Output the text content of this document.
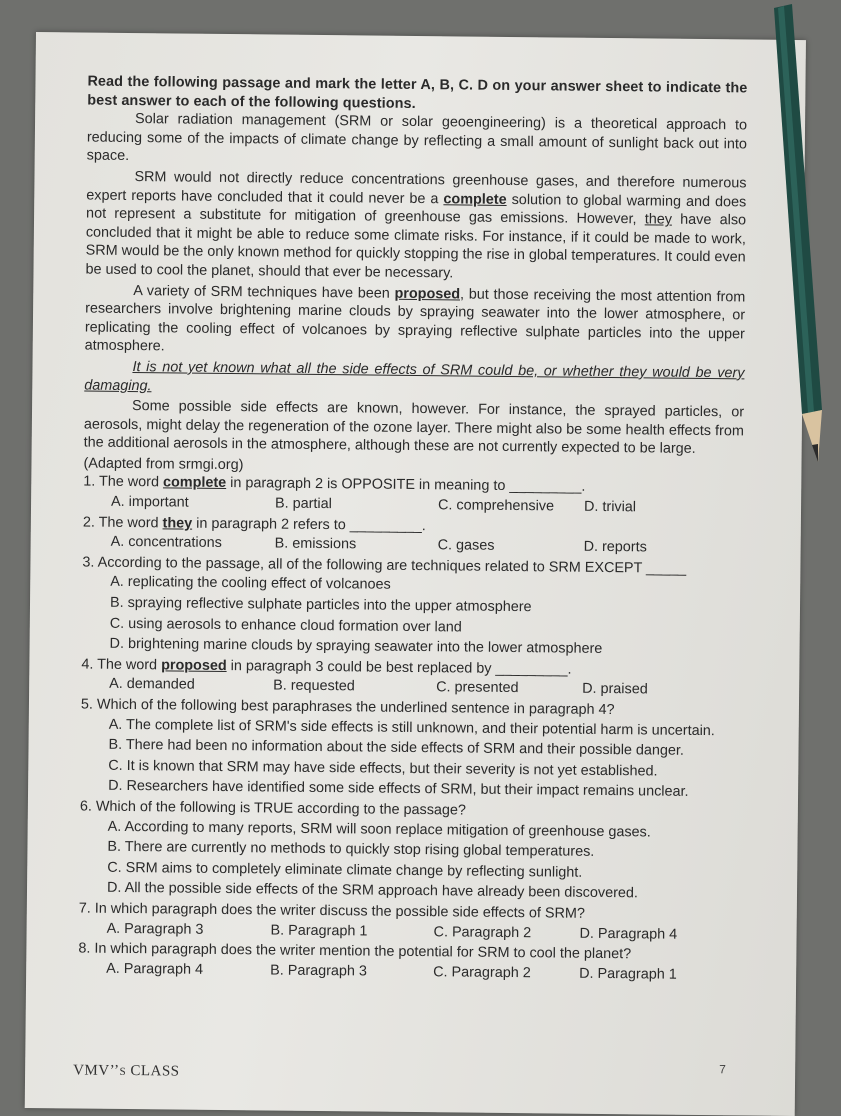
Read the following passage and mark the letter A, B, C. D on your answer sheet to indicate the best answer to each of the following questions.

Solar radiation management (SRM or solar geoengineering) is a theoretical approach to reducing some of the impacts of climate change by reflecting a small amount of sunlight back out into space.

SRM would not directly reduce concentrations greenhouse gases, and therefore numerous expert reports have concluded that it could never be a complete solution to global warming and does not represent a substitute for mitigation of greenhouse gas emissions. However, they have also concluded that it might be able to reduce some climate risks. For instance, if it could be made to work, SRM would be the only known method for quickly stopping the rise in global temperatures. It could even be used to cool the planet, should that ever be necessary.

A variety of SRM techniques have been proposed, but those receiving the most attention from researchers involve brightening marine clouds by spraying seawater into the lower atmosphere, or replicating the cooling effect of volcanoes by spraying reflective sulphate particles into the upper atmosphere.

It is not yet known what all the side effects of SRM could be, or whether they would be very damaging.

Some possible side effects are known, however. For instance, the sprayed particles, or aerosols, might delay the regeneration of the ozone layer. There might also be some health effects from the additional aerosols in the atmosphere, although these are not currently expected to be large.

(Adapted from srmgi.org)

1. The word complete in paragraph 2 is OPPOSITE in meaning to _________.

A. important	B. partial	C. comprehensive	D. trivial

2. The word they in paragraph 2 refers to _________.

A. concentrations	B. emissions	C. gases	D. reports

3. According to the passage, all of the following are techniques related to SRM EXCEPT _____

A. replicating the cooling effect of volcanoes
B. spraying reflective sulphate particles into the upper atmosphere
C. using aerosols to enhance cloud formation over land
D. brightening marine clouds by spraying seawater into the lower atmosphere

4. The word proposed in paragraph 3 could be best replaced by _________.

A. demanded	B. requested	C. presented	D. praised

5. Which of the following best paraphrases the underlined sentence in paragraph 4?

A. The complete list of SRM's side effects is still unknown, and their potential harm is uncertain.
B. There had been no information about the side effects of SRM and their possible danger.
C. It is known that SRM may have side effects, but their severity is not yet established.
D. Researchers have identified some side effects of SRM, but their impact remains unclear.

6. Which of the following is TRUE according to the passage?

A. According to many reports, SRM will soon replace mitigation of greenhouse gases.
B. There are currently no methods to quickly stop rising global temperatures.
C. SRM aims to completely eliminate climate change by reflecting sunlight.
D. All the possible side effects of the SRM approach have already been discovered.

7. In which paragraph does the writer discuss the possible side effects of SRM?

A. Paragraph 3	B. Paragraph 1	C. Paragraph 2	D. Paragraph 4

8. In which paragraph does the writer mention the potential for SRM to cool the planet?

A. Paragraph 4	B. Paragraph 3	C. Paragraph 2	D. Paragraph 1
VMV’’s CLASS	7
